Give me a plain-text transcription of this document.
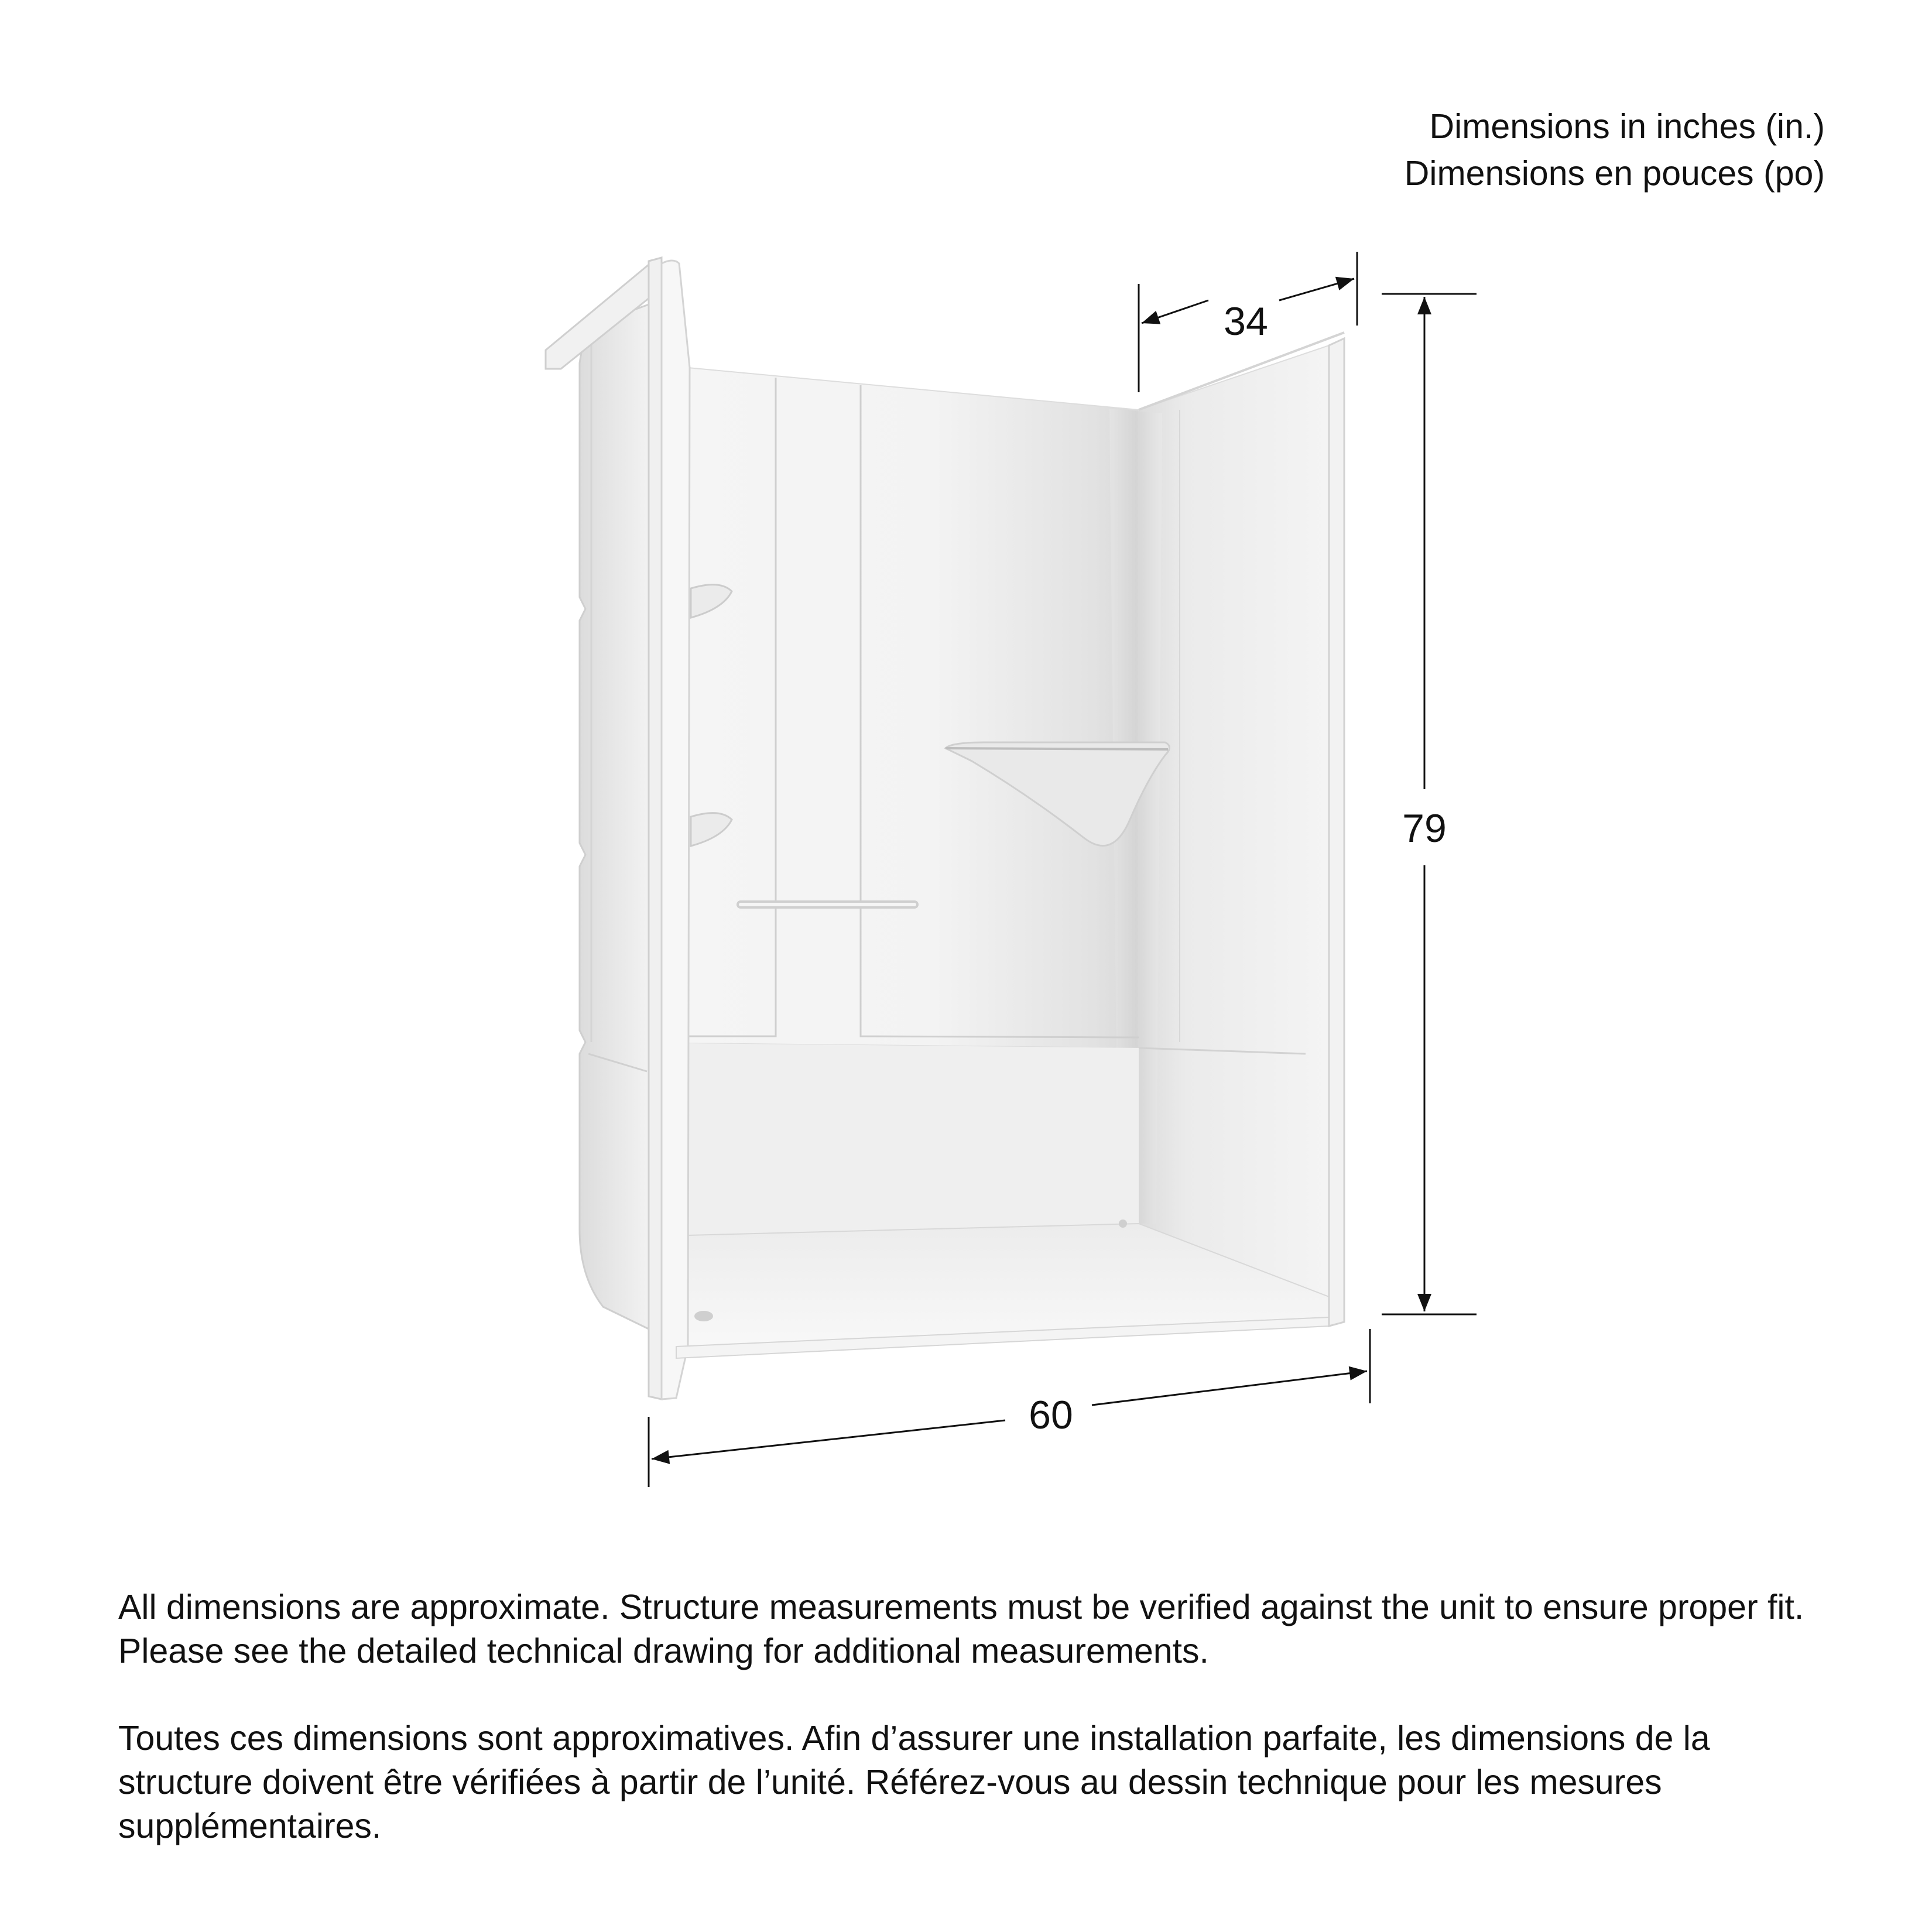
Dimensions in inches (in.)
Dimensions en pouces (po)
34
79
60
All dimensions are approximate. Structure measurements must be verified against the unit to ensure proper fit. Please see the detailed technical drawing for additional measurements.
Toutes ces dimensions sont approximatives. Afin d’assurer une installation parfaite, les dimensions de la structure doivent être vérifiées à partir de l’unité. Référez-vous au dessin technique pour les mesures supplémentaires.
